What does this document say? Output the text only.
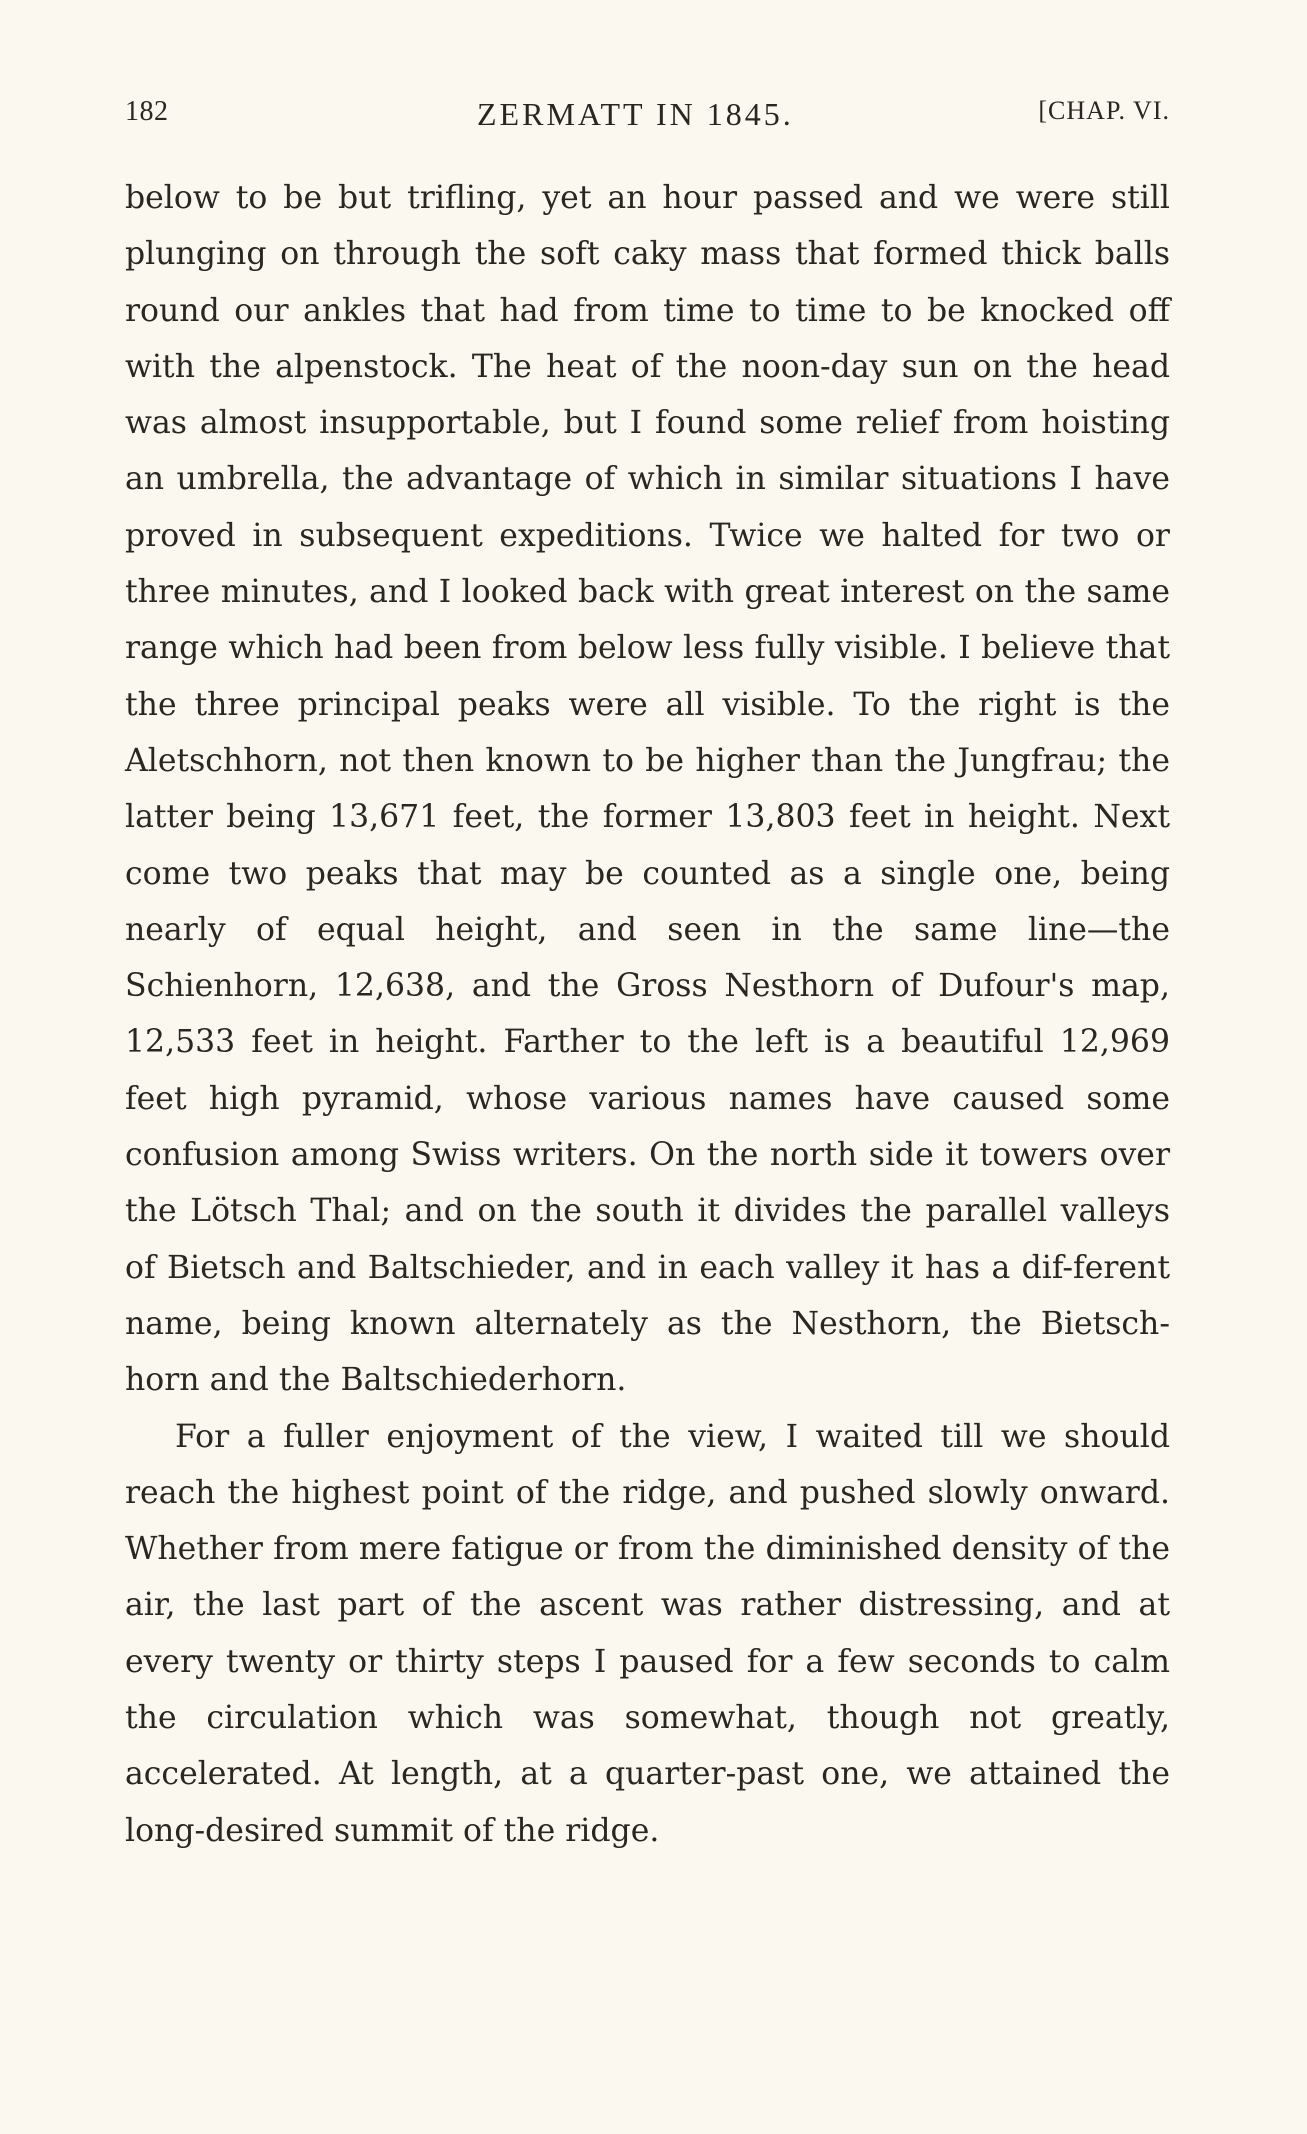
182	ZERMATT IN 1845.	[CHAP. VI.

below to be but trifling, yet an hour passed and we were still plunging on through the soft caky mass that formed thick balls round our ankles that had from time to time to be knocked off with the alpenstock. The heat of the noon-day sun on the head was almost insupportable, but I found some relief from hoisting an umbrella, the advantage of which in similar situations I have proved in subsequent expeditions. Twice we halted for two or three minutes, and I looked back with great interest on the same range which had been from below less fully visible. I believe that the three principal peaks were all visible. To the right is the Aletschhorn, not then known to be higher than the Jungfrau; the latter being 13,671 feet, the former 13,803 feet in height. Next come two peaks that may be counted as a single one, being nearly of equal height, and seen in the same line—the Schienhorn, 12,638, and the Gross Nesthorn of Dufour's map, 12,533 feet in height. Farther to the left is a beautiful 12,969 feet high pyramid, whose various names have caused some confusion among Swiss writers. On the north side it towers over the Lötsch Thal; and on the south it divides the parallel valleys of Bietsch and Baltschieder, and in each valley it has a dif-ferent name, being known alternately as the Nesthorn, the Bietsch-horn and the Baltschiederhorn.

For a fuller enjoyment of the view, I waited till we should reach the highest point of the ridge, and pushed slowly onward. Whether from mere fatigue or from the diminished density of the air, the last part of the ascent was rather distressing, and at every twenty or thirty steps I paused for a few seconds to calm the circulation which was somewhat, though not greatly, accelerated. At length, at a quarter-past one, we attained the long-desired summit of the ridge.
